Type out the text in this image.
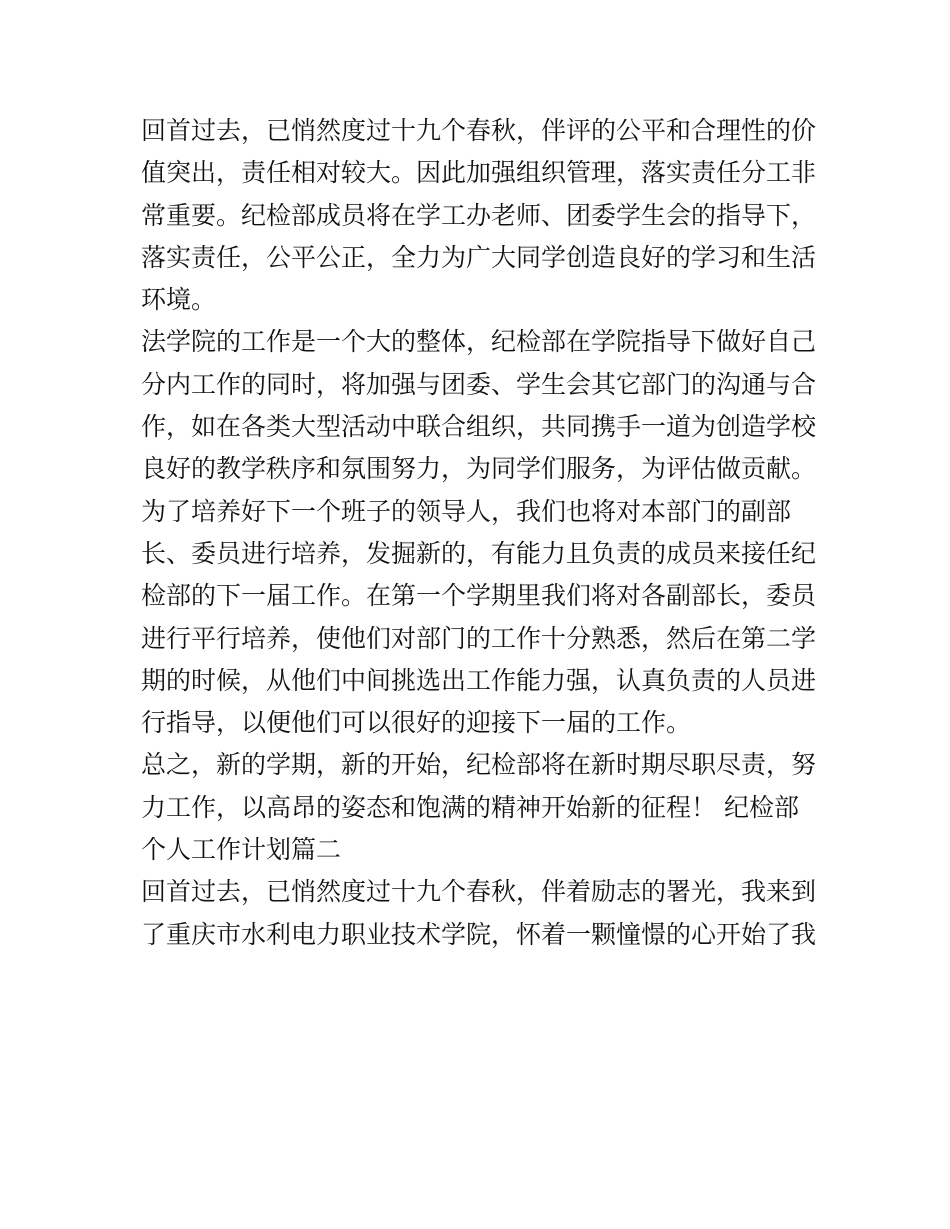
回首过去，已悄然度过十九个春秋，伴评的公平和合理性的价
值突出，责任相对较大。因此加强组织管理，落实责任分工非
常重要。纪检部成员将在学工办老师、团委学生会的指导下，
落实责任，公平公正，全力为广大同学创造良好的学习和生活
环境。
法学院的工作是一个大的整体，纪检部在学院指导下做好自己
分内工作的同时，将加强与团委、学生会其它部门的沟通与合
作，如在各类大型活动中联合组织，共同携手一道为创造学校
良好的教学秩序和氛围努力，为同学们服务，为评估做贡献。
为了培养好下一个班子的领导人，我们也将对本部门的副部
长、委员进行培养，发掘新的，有能力且负责的成员来接任纪
检部的下一届工作。在第一个学期里我们将对各副部长，委员
进行平行培养，使他们对部门的工作十分熟悉，然后在第二学
期的时候，从他们中间挑选出工作能力强，认真负责的人员进
行指导，以便他们可以很好的迎接下一届的工作。
总之，新的学期，新的开始，纪检部将在新时期尽职尽责，努
力工作，以高昂的姿态和饱满的精神开始新的征程！ 纪检部
个人工作计划篇二
回首过去，已悄然度过十九个春秋，伴着励志的署光，我来到
了重庆市水利电力职业技术学院，怀着一颗憧憬的心开始了我
